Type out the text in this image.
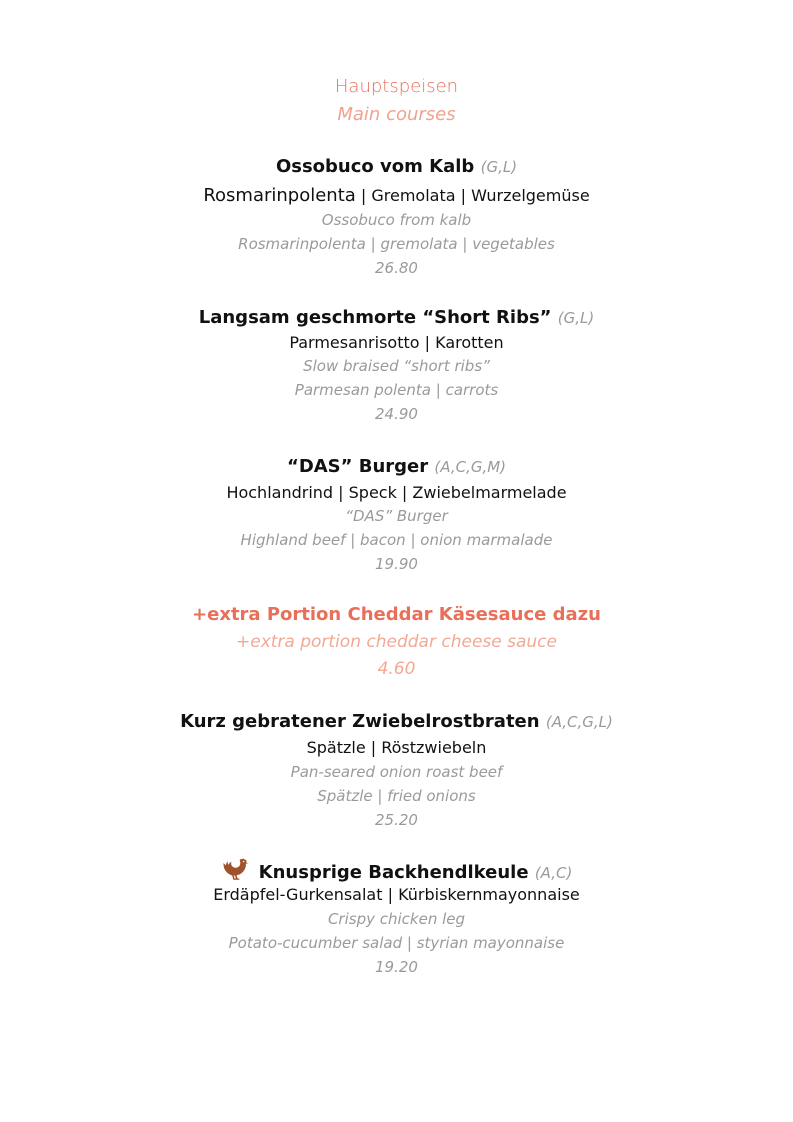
Hauptspeisen
Main courses
Ossobuco vom Kalb (G,L)
Rosmarinpolenta | Gremolata | Wurzelgemüse
Ossobuco from kalb
Rosmarinpolenta | gremolata | vegetables
26.80
Langsam geschmorte “Short Ribs” (G,L)
Parmesanrisotto | Karotten
Slow braised “short ribs”
Parmesan polenta | carrots
24.90
“DAS” Burger (A,C,G,M)
Hochlandrind | Speck | Zwiebelmarmelade
“DAS” Burger
Highland beef | bacon | onion marmalade
19.90
+extra Portion Cheddar Käsesauce dazu
+extra portion cheddar cheese sauce
4.60
Kurz gebratener Zwiebelrostbraten (A,C,G,L)
Spätzle | Röstzwiebeln
Pan-seared onion roast beef
Spätzle | fried onions
25.20
Knusprige Backhendlkeule (A,C)
Erdäpfel-Gurkensalat | Kürbiskernmayonnaise
Crispy chicken leg
Potato-cucumber salad | styrian mayonnaise
19.20
